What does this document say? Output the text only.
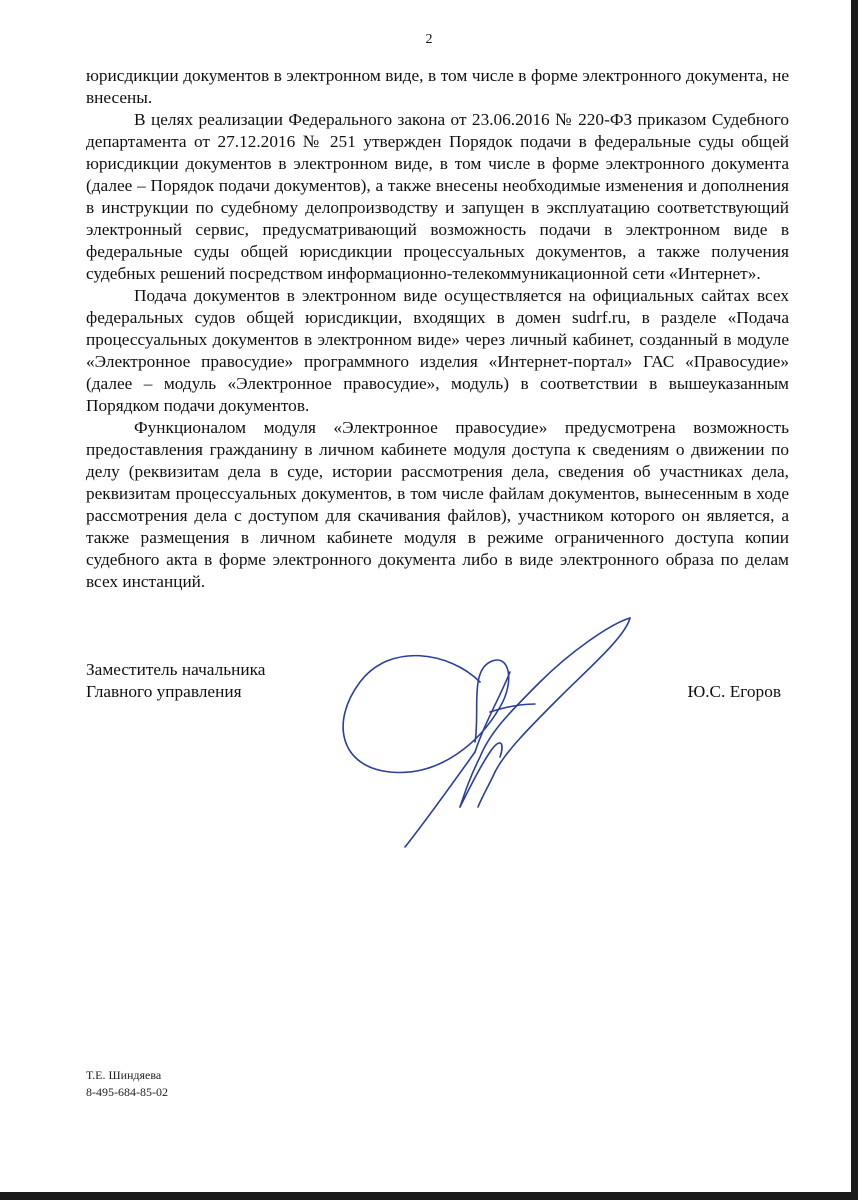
2

юрисдикции документов в электронном виде, в том числе в форме электронного документа, не внесены.

В целях реализации Федерального закона от 23.06.2016 № 220-ФЗ приказом Судебного департамента от 27.12.2016 № 251 утвержден Порядок подачи в федеральные суды общей юрисдикции документов в электронном виде, в том числе в форме электронного документа (далее – Порядок подачи документов), а также внесены необходимые изменения и дополнения в инструкции по судебному делопроизводству и запущен в эксплуатацию соответствующий электронный сервис, предусматривающий возможность подачи в электронном виде в федеральные суды общей юрисдикции процессуальных документов, а также получения судебных решений посредством информационно-телекоммуникационной сети «Интернет».

Подача документов в электронном виде осуществляется на официальных сайтах всех федеральных судов общей юрисдикции, входящих в домен sudrf.ru, в разделе «Подача процессуальных документов в электронном виде» через личный кабинет, созданный в модуле «Электронное правосудие» программного изделия «Интернет-портал» ГАС «Правосудие» (далее – модуль «Электронное правосудие», модуль) в соответствии в вышеуказанным Порядком подачи документов.

Функционалом модуля «Электронное правосудие» предусмотрена возможность предоставления гражданину в личном кабинете модуля доступа к сведениям о движении по делу (реквизитам дела в суде, истории рассмотрения дела, сведения об участниках дела, реквизитам процессуальных документов, в том числе файлам документов, вынесенным в ходе рассмотрения дела с доступом для скачивания файлов), участником которого он является, а также размещения в личном кабинете модуля в режиме ограниченного доступа копии судебного акта в форме электронного документа либо в виде электронного образа по делам всех инстанций.

Заместитель начальника
Главного управления	Ю.С. Егоров
Т.Е. Шиндяева
8-495-684-85-02
